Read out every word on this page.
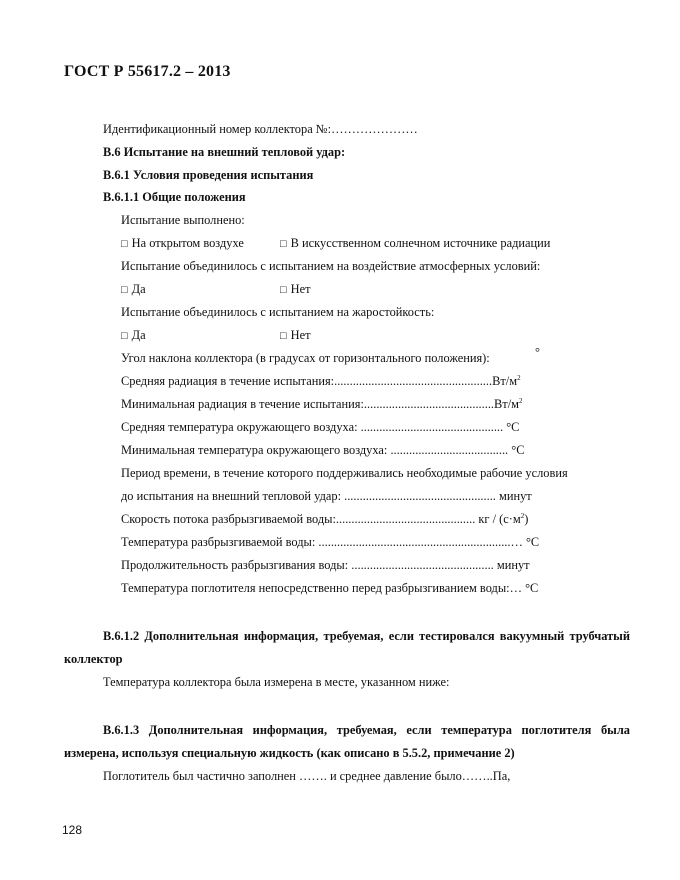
ГОСТ Р 55617.2 – 2013
Идентификационный номер коллектора №:…………………
В.6 Испытание на внешний тепловой удар:
В.6.1 Условия проведения испытания
В.6.1.1 Общие положения
Испытание выполнено:
□ На открытом воздухе	□ В искусственном солнечном источнике радиации
Испытание объединилось с испытанием на воздействие атмосферных условий:
□ Да	□ Нет
Испытание объединилось с испытанием на жаростойкость:
□ Да	□ Нет
Угол наклона коллектора (в градусах от горизонтального положения):	°
Средняя радиация в течение $испытания:...................................................Вт/м^2$
Минимальная радиация в течение $испытания:..........................................Вт/м^2$
Средняя температура окружающего воздуха: .............................................. °С
Минимальная температура окружающего воздуха: ...................................... °С
Период времени, в течение которого поддерживались необходимые рабочие условия
до испытания на внешний тепловой удар: ................................................. минут
Скорость потока разбрызгиваемой воды:............................................. кг / $(с\cdot м^2)$
Температура разбрызгиваемой воды: ..............................................................… °С
Продолжительность разбрызгивания воды: .............................................. минут
Температура поглотителя непосредственно перед разбрызгиванием воды:… °С
В.6.1.2 Дополнительная информация, требуемая, если тестировался вакуумный трубчатый
коллектор
Температура коллектора была измерена в месте, указанном ниже:
В.6.1.3 Дополнительная информация, требуемая, если температура поглотителя была
измерена, используя специальную жидкость (как описано в 5.5.2, примечание 2)
Поглотитель был частично заполнен ……. и среднее давление было……..Па,
128
